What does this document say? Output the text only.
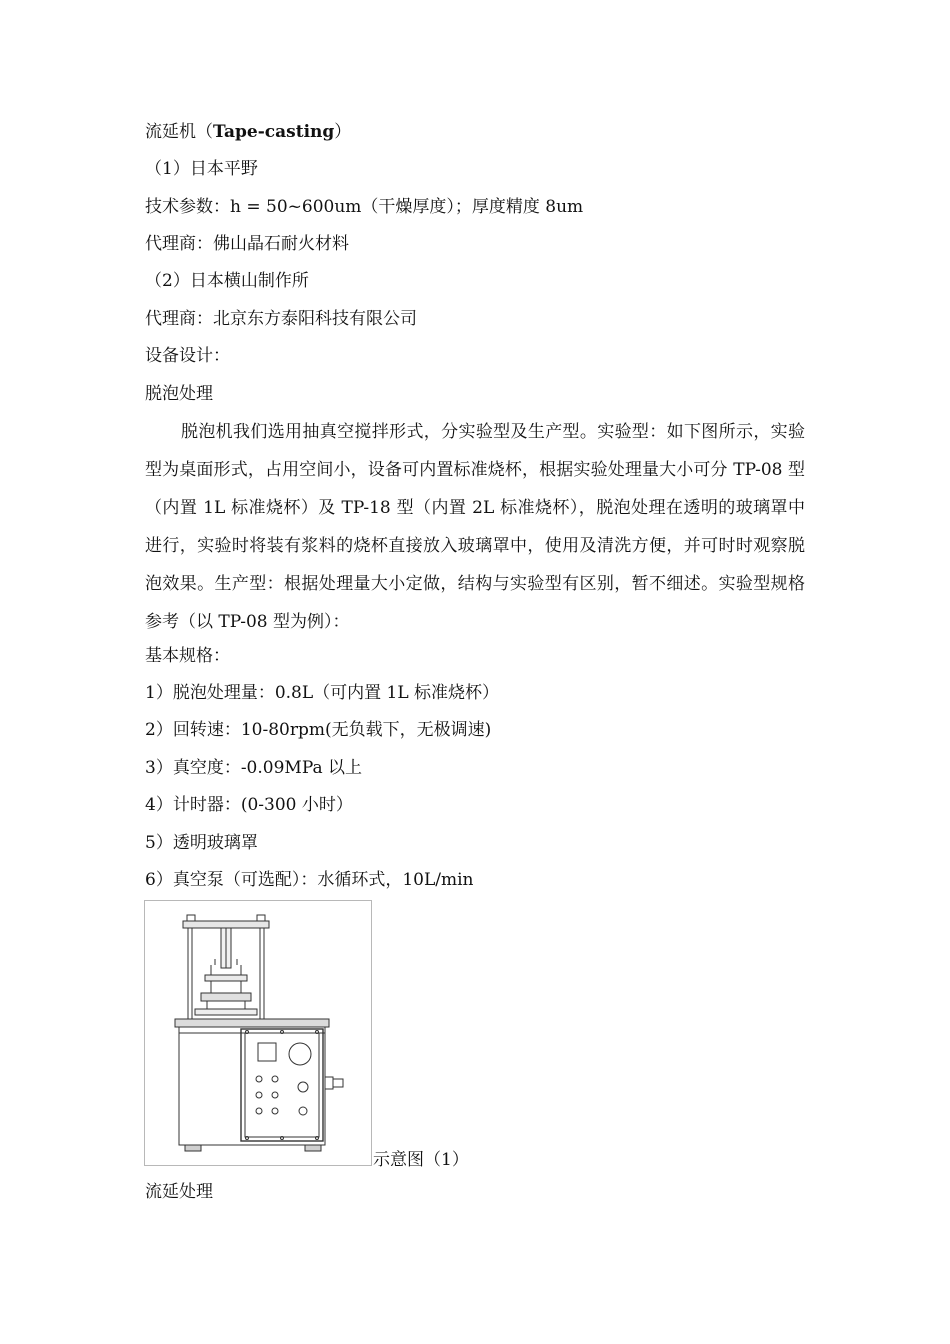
流延机（Tape-casting）
（1）日本平野
技术参数：h = 50~600um（干燥厚度）；厚度精度 8um
代理商：佛山晶石耐火材料
（2）日本横山制作所
代理商：北京东方泰阳科技有限公司
设备设计：
脱泡处理
脱泡机我们选用抽真空搅拌形式，分实验型及生产型。实验型：如下图所示，实验型为桌面形式，占用空间小，设备可内置标准烧杯，根据实验处理量大小可分 TP-08 型（内置 1L 标准烧杯）及 TP-18 型（内置 2L 标准烧杯），脱泡处理在透明的玻璃罩中进行，实验时将装有浆料的烧杯直接放入玻璃罩中，使用及清洗方便，并可时时观察脱泡效果。生产型：根据处理量大小定做，结构与实验型有区别，暂不细述。实验型规格参考（以 TP-08 型为例）：
基本规格：
1）脱泡处理量：0.8L（可内置 1L 标准烧杯）
2）回转速：10-80rpm(无负载下，无极调速)
3）真空度：-0.09MPa 以上
4）计时器：(0-300 小时）
5）透明玻璃罩
6）真空泵（可选配）：水循环式，10L/min
示意图（1）
流延处理
